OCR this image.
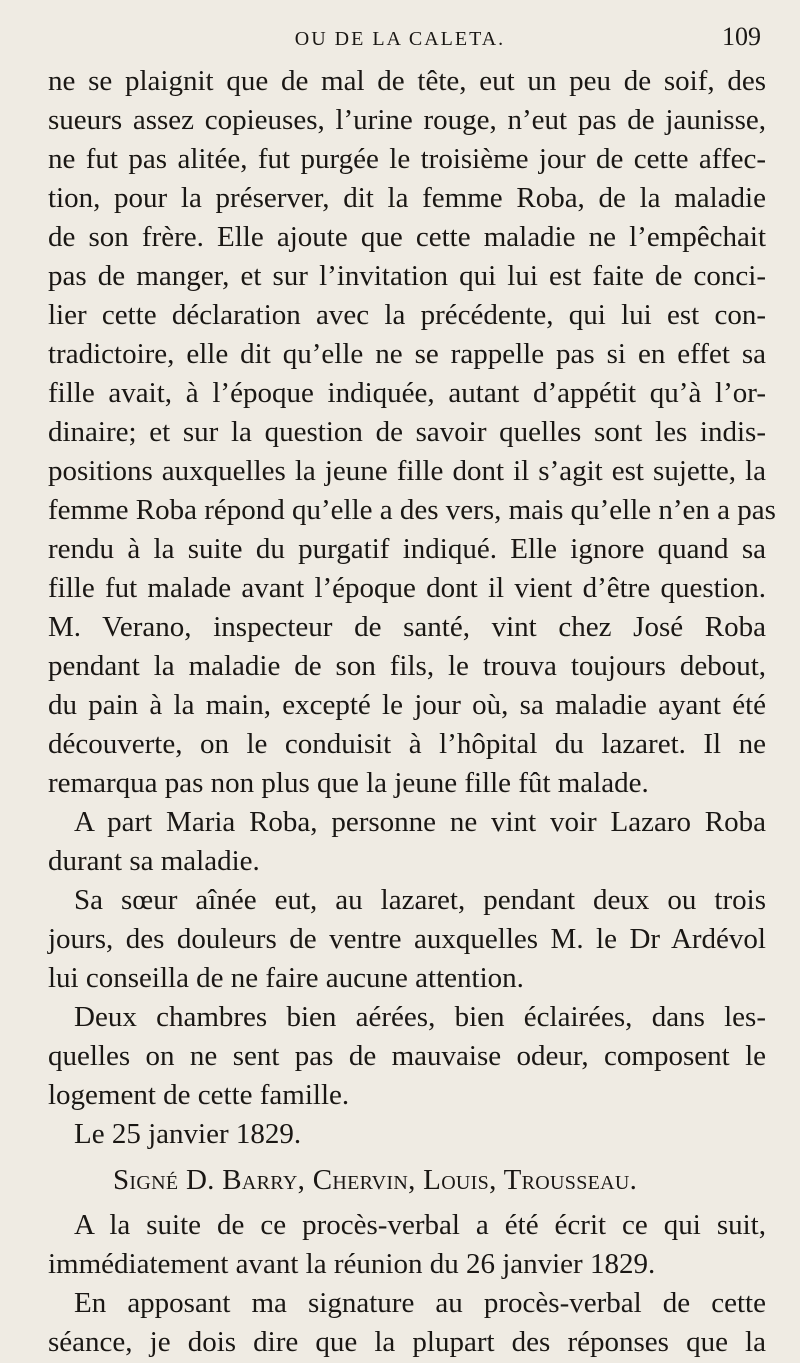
OU DE LA CALETA.	109
ne se plaignit que de mal de tête, eut un peu de soif, des
sueurs assez copieuses, l’urine rouge, n’eut pas de jaunisse,
ne fut pas alitée, fut purgée le troisième jour de cette affec-
tion, pour la préserver, dit la femme Roba, de la maladie
de son frère. Elle ajoute que cette maladie ne l’empêchait
pas de manger, et sur l’invitation qui lui est faite de conci-
lier cette déclaration avec la précédente, qui lui est con-
tradictoire, elle dit qu’elle ne se rappelle pas si en effet sa
fille avait, à l’époque indiquée, autant d’appétit qu’à l’or-
dinaire; et sur la question de savoir quelles sont les indis-
positions auxquelles la jeune fille dont il s’agit est sujette, la
femme Roba répond qu’elle a des vers, mais qu’elle n’en a pas
rendu à la suite du purgatif indiqué. Elle ignore quand sa
fille fut malade avant l’époque dont il vient d’être question.
M. Verano, inspecteur de santé, vint chez José Roba
pendant la maladie de son fils, le trouva toujours debout,
du pain à la main, excepté le jour où, sa maladie ayant été
découverte, on le conduisit à l’hôpital du lazaret. Il ne
remarqua pas non plus que la jeune fille fût malade.
A part Maria Roba, personne ne vint voir Lazaro Roba
durant sa maladie.
Sa sœur aînée eut, au lazaret, pendant deux ou trois
jours, des douleurs de ventre auxquelles M. le Dr Ardévol
lui conseilla de ne faire aucune attention.
Deux chambres bien aérées, bien éclairées, dans les-
quelles on ne sent pas de mauvaise odeur, composent le
logement de cette famille.
Le 25 janvier 1829.
Signé D. Barry, Chervin, Louis, Trousseau.
A la suite de ce procès-verbal a été écrit ce qui suit,
immédiatement avant la réunion du 26 janvier 1829.
En apposant ma signature au procès-verbal de cette
séance, je dois dire que la plupart des réponses que la
